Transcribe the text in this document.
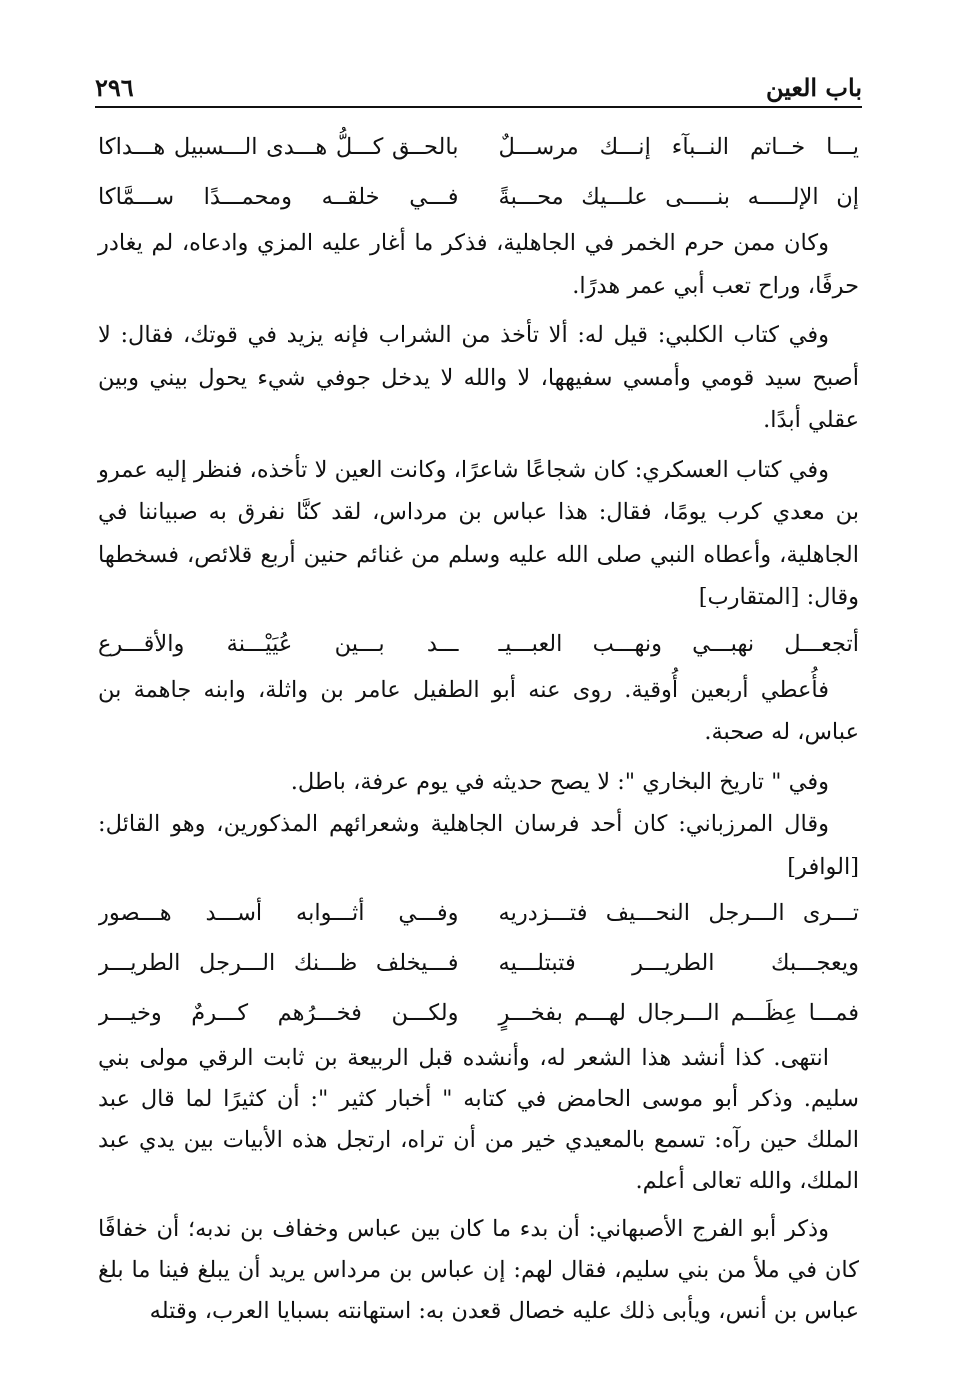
باب العين
٢٩٦
يـــا خــاتم النــبآء إنـــك مرســـلٌ
بالحــق كـــلُّ هـــدى الـــسبيل هـــداكا
إن الإلـــــه بنـــــى علـــيك محـــبةً
فـــي خلقــه ومحمـــدًا ســـمَّاكا

وكان ممن حرم الخمر في الجاهلية، فذكر ما أغار عليه المزي وادعاه، لم يغادر حرفًا، وراح تعب أبي عمر هدرًا.

وفي كتاب الكلبي: قيل له: ألا تأخذ من الشراب فإنه يزيد في قوتك، فقال: لا أصبح سيد قومي وأمسي سفيهها، لا والله لا يدخل جوفي شيء يحول بيني وبين عقلي أبدًا.

وفي كتاب العسكري: كان شجاعًا شاعرًا، وكانت العين لا تأخذه، فنظر إليه عمرو بن معدي كرب يومًا، فقال: هذا عباس بن مرداس، لقد كنَّا نفرق به صبياننا في الجاهلية، وأعطاه النبي صلى الله عليه وسلم من غنائم حنين أربع قلائص، فسخطها وقال: [المتقارب]

أتجعـــل نهبـــي ونهـــب العبـــيـ
ـــد بـــين عُيَيْـــنة والأقـــرع

فأُعطي أربعين أُوقية. روى عنه أبو الطفيل عامر بن واثلة، وابنه جاهمة بن عباس، له صحبة.

وفي " تاريخ البخاري ": لا يصح حديثه في يوم عرفة، باطل.

وقال المرزباني: كان أحد فرسان الجاهلية وشعرائهم المذكورين، وهو القائل: [الوافر]

تـــرى الـــرجل النحـــيف فتـــزدريه
وفـــي أثـــوابه أســـد هـــصور
ويعجـــبك الطريـــر فتبتلـــيه
فـــيخلف ظـــنك الـــرجل الطريـــر
فمـــا عِظَـــم الـــرجال لهـــم بفخـــرٍ
ولكـــن فخـــرُهم كـــرمٌ وخيـــر

انتهى. كذا أنشد هذا الشعر له، وأنشده قبل الربيعة بن ثابت الرقي مولى بني سليم. وذكر أبو موسى الحامض في كتابه " أخبار كثير ": أن كثيرًا لما قال عبد الملك حين رآه: تسمع بالمعيدي خير من أن تراه، ارتجل هذه الأبيات بين يدي عبد الملك، والله تعالى أعلم.

وذكر أبو الفرج الأصبهاني: أن بدء ما كان بين عباس وخفاف بن ندبه؛ أن خفافًا كان في ملأ من بني سليم، فقال لهم: إن عباس بن مرداس يريد أن يبلغ فينا ما بلغ عباس بن أنس، ويأبى ذلك عليه خصال قعدن به: استهانته بسبايا العرب، وقتله
